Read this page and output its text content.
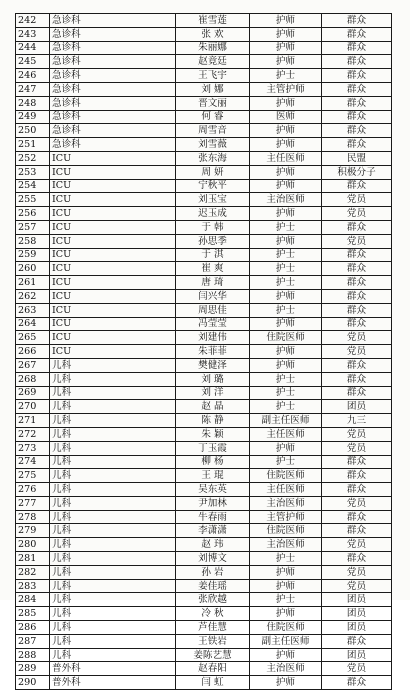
242	急诊科	崔雪莲	护师	群众
243	急诊科	张 欢	护师	群众
244	急诊科	朱丽娜	护师	群众
245	急诊科	赵竟廷	护师	群众
246	急诊科	王飞宇	护士	群众
247	急诊科	刘 娜	主管护师	群众
248	急诊科	晋文丽	护师	群众
249	急诊科	何 睿	医师	群众
250	急诊科	周雪音	护师	群众
251	急诊科	刘雪薇	护师	群众
252	ICU	张东海	主任医师	民盟
253	ICU	周 妍	护师	积极分子
254	ICU	宁秋平	护师	群众
255	ICU	刘玉宝	主治医师	党员
256	ICU	迟玉成	护师	党员
257	ICU	于 韩	护士	群众
258	ICU	孙思季	护师	党员
259	ICU	于 淇	护士	群众
260	ICU	崔 爽	护士	群众
261	ICU	唐 琦	护士	群众
262	ICU	闫兴华	护师	群众
263	ICU	周思佳	护士	群众
264	ICU	冯莹莹	护师	群众
265	ICU	刘建伟	住院医师	党员
266	ICU	朱菲菲	护师	党员
267	儿科	樊健泽	护师	群众
268	儿科	刘 璐	护士	群众
269	儿科	刘 洋	护士	群众
270	儿科	赵 晶	护士	团员
271	儿科	陈 静	副主任医师	九三
272	儿科	朱 颖	主任医师	党员
273	儿科	丁玉霞	护师	党员
274	儿科	柳 杨	护士	群众
275	儿科	王 琨	住院医师	群众
276	儿科	吴东英	主任医师	群众
277	儿科	尹加林	主治医师	党员
278	儿科	牛春雨	主管护师	群众
279	儿科	李潇潇	住院医师	群众
280	儿科	赵 玮	主治医师	党员
281	儿科	刘博文	护士	群众
282	儿科	孙 岩	护师	党员
283	儿科	姜佳瑶	护师	党员
284	儿科	张欣越	护士	团员
285	儿科	冷 秋	护师	团员
286	儿科	芦佳慧	住院医师	团员
287	儿科	王铁岩	副主任医师	群众
288	儿科	姜陈艺慧	护师	团员
289	普外科	赵春阳	主治医师	党员
290	普外科	闫 虹	护师	群众
